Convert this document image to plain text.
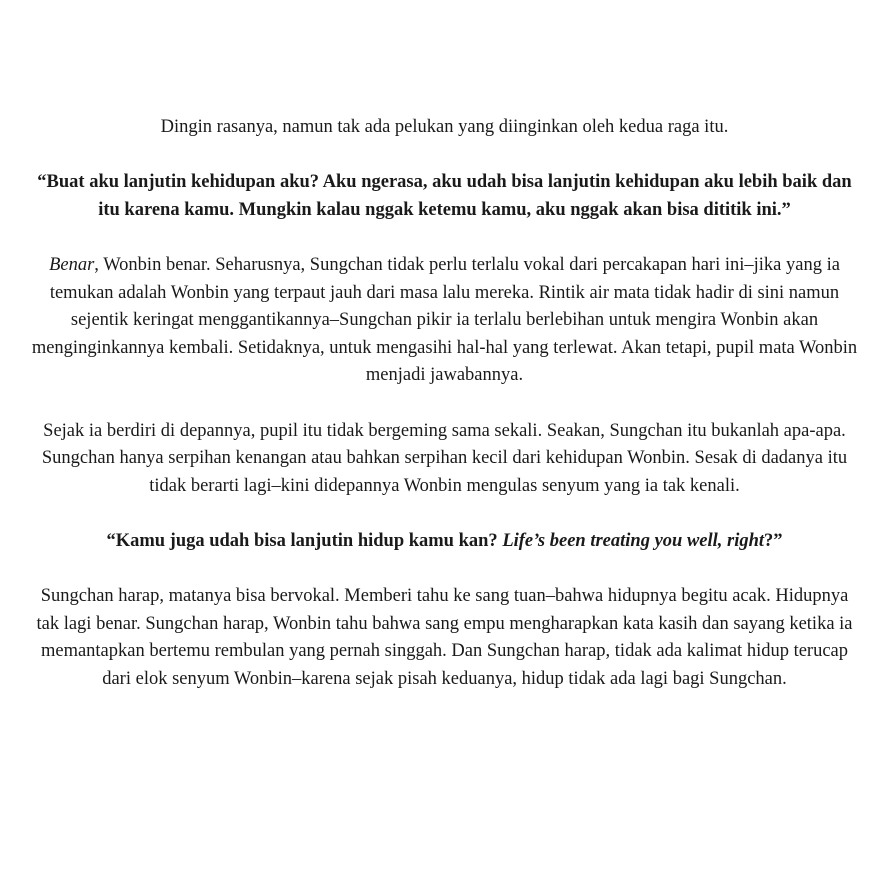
Dingin rasanya, namun tak ada pelukan yang diinginkan oleh kedua raga itu.

“Buat aku lanjutin kehidupan aku? Aku ngerasa, aku udah bisa lanjutin kehidupan aku lebih baik dan itu karena kamu. Mungkin kalau nggak ketemu kamu, aku nggak akan bisa dititik ini.”

Benar, Wonbin benar. Seharusnya, Sungchan tidak perlu terlalu vokal dari percakapan hari ini–jika yang ia temukan adalah Wonbin yang terpaut jauh dari masa lalu mereka. Rintik air mata tidak hadir di sini namun sejentik keringat menggantikannya–Sungchan pikir ia terlalu berlebihan untuk mengira Wonbin akan menginginkannya kembali. Setidaknya, untuk mengasihi hal-hal yang terlewat. Akan tetapi, pupil mata Wonbin menjadi jawabannya.

Sejak ia berdiri di depannya, pupil itu tidak bergeming sama sekali. Seakan, Sungchan itu bukanlah apa-apa. Sungchan hanya serpihan kenangan atau bahkan serpihan kecil dari kehidupan Wonbin. Sesak di dadanya itu tidak berarti lagi–kini didepannya Wonbin mengulas senyum yang ia tak kenali.

“Kamu juga udah bisa lanjutin hidup kamu kan? Life’s been treating you well, right?”

Sungchan harap, matanya bisa bervokal. Memberi tahu ke sang tuan–bahwa hidupnya begitu acak. Hidupnya tak lagi benar. Sungchan harap, Wonbin tahu bahwa sang empu mengharapkan kata kasih dan sayang ketika ia memantapkan bertemu rembulan yang pernah singgah. Dan Sungchan harap, tidak ada kalimat hidup terucap dari elok senyum Wonbin–karena sejak pisah keduanya, hidup tidak ada lagi bagi Sungchan.
